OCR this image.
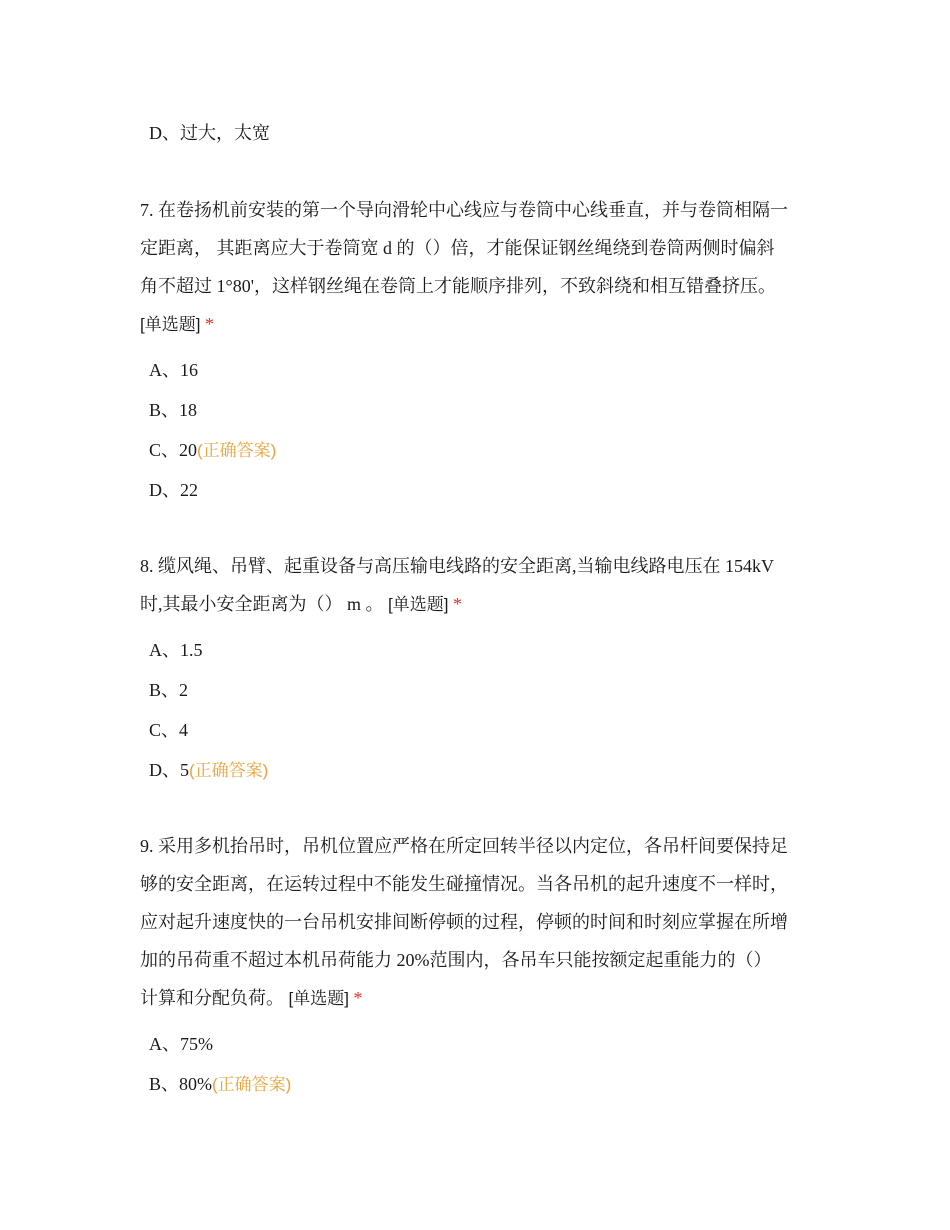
D、过大，太宽
7. 在卷扬机前安装的第一个导向滑轮中心线应与卷筒中心线垂直，并与卷筒相隔一
定距离， 其距离应大于卷筒宽 d 的（）倍，才能保证钢丝绳绕到卷筒两侧时偏斜
角不超过 1°80'，这样钢丝绳在卷筒上才能顺序排列，不致斜绕和相互错叠挤压。
[单选题] *
A、16
B、18
C、20(正确答案)
D、22
8. 缆风绳、吊臂、起重设备与高压输电线路的安全距离,当输电线路电压在 154kV
时,其最小安全距离为（） m 。 [单选题] *
A、1.5
B、2
C、4
D、5(正确答案)
9. 采用多机抬吊时，吊机位置应严格在所定回转半径以内定位，各吊杆间要保持足
够的安全距离，在运转过程中不能发生碰撞情况。当各吊机的起升速度不一样时，
应对起升速度快的一台吊机安排间断停顿的过程，停顿的时间和时刻应掌握在所增
加的吊荷重不超过本机吊荷能力 20%范围内，各吊车只能按额定起重能力的（）
计算和分配负荷。 [单选题] *
A、75%
B、80%(正确答案)
